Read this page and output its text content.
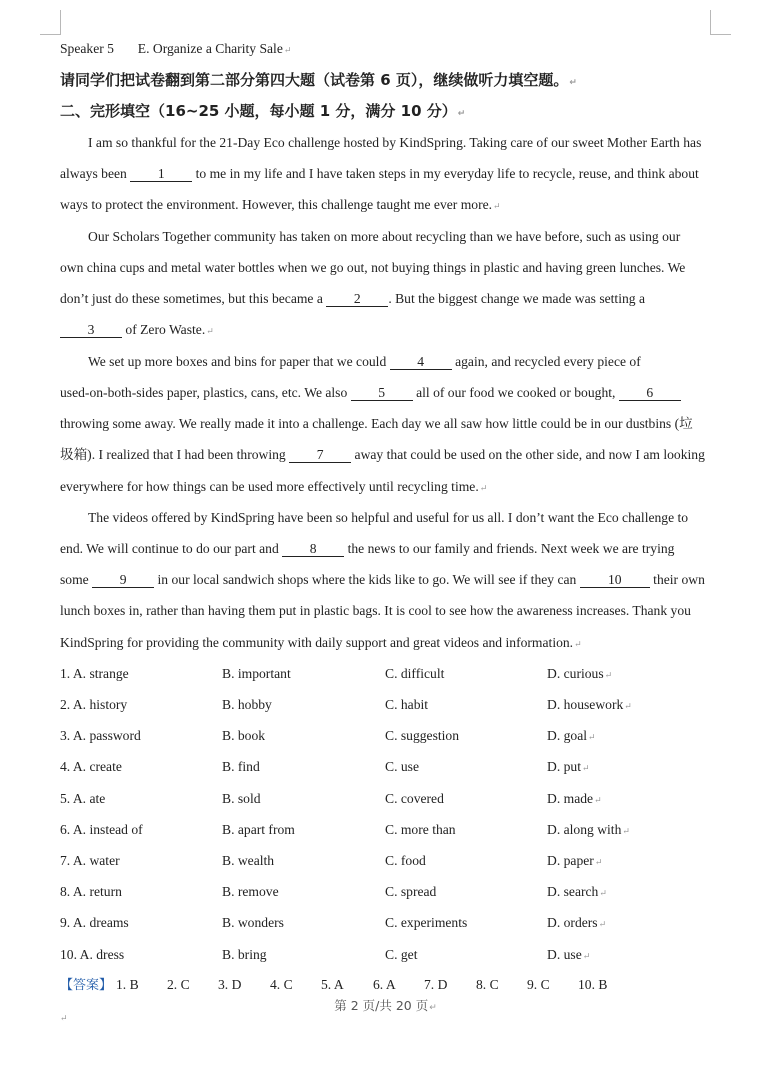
Speaker 5 E. Organize a Charity Sale↵
请同学们把试卷翻到第二部分第四大题（试卷第 6 页），继续做听力填空题。↵
二、完形填空（16~25 小题，每小题 1 分，满分 10 分）↵
I am so thankful for the 21-Day Eco challenge hosted by KindSpring. Taking care of our sweet Mother Earth has
always been 1 to me in my life and I have taken steps in my everyday life to recycle, reuse, and think about
ways to protect the environment. However, this challenge taught me ever more.↵
Our Scholars Together community has taken on more about recycling than we have before, such as using our
own china cups and metal water bottles when we go out, not buying things in plastic and having green lunches. We
don’t just do these sometimes, but this became a 2 . But the biggest change we made was setting a
3 of Zero Waste.↵
We set up more boxes and bins for paper that we could 4 again, and recycled every piece of
used-on-both-sides paper, plastics, cans, etc. We also 5 all of our food we cooked or bought, 6
throwing some away. We really made it into a challenge. Each day we all saw how little could be in our dustbins (垃
圾箱). I realized that I had been throwing 7 away that could be used on the other side, and now I am looking
everywhere for how things can be used more effectively until recycling time.↵
The videos offered by KindSpring have been so helpful and useful for us all. I don’t want the Eco challenge to
end. We will continue to do our part and 8 the news to our family and friends. Next week we are trying
some 9 in our local sandwich shops where the kids like to go. We will see if they can 10 their own
lunch boxes in, rather than having them put in plastic bags. It is cool to see how the awareness increases. Thank you
KindSpring for providing the community with daily support and great videos and information.↵
1. A. strange	B. important	C. difficult	D. curious↵
2. A. history	B. hobby	C. habit	D. housework↵
3. A. password	B. book	C. suggestion	D. goal↵
4. A. create	B. find	C. use	D. put↵
5. A. ate	B. sold	C. covered	D. made↵
6. A. instead of	B. apart from	C. more than	D. along with↵
7. A. water	B. wealth	C. food	D. paper↵
8. A. return	B. remove	C. spread	D. search↵
9. A. dreams	B. wonders	C. experiments	D. orders↵
10. A. dress	B. bring	C. get	D. use↵
【答案】 1. B 2. C 3. D 4. C 5. A 6. A 7. D 8. C 9. C 10. B
第 2 页/共 20 页↵
↵
